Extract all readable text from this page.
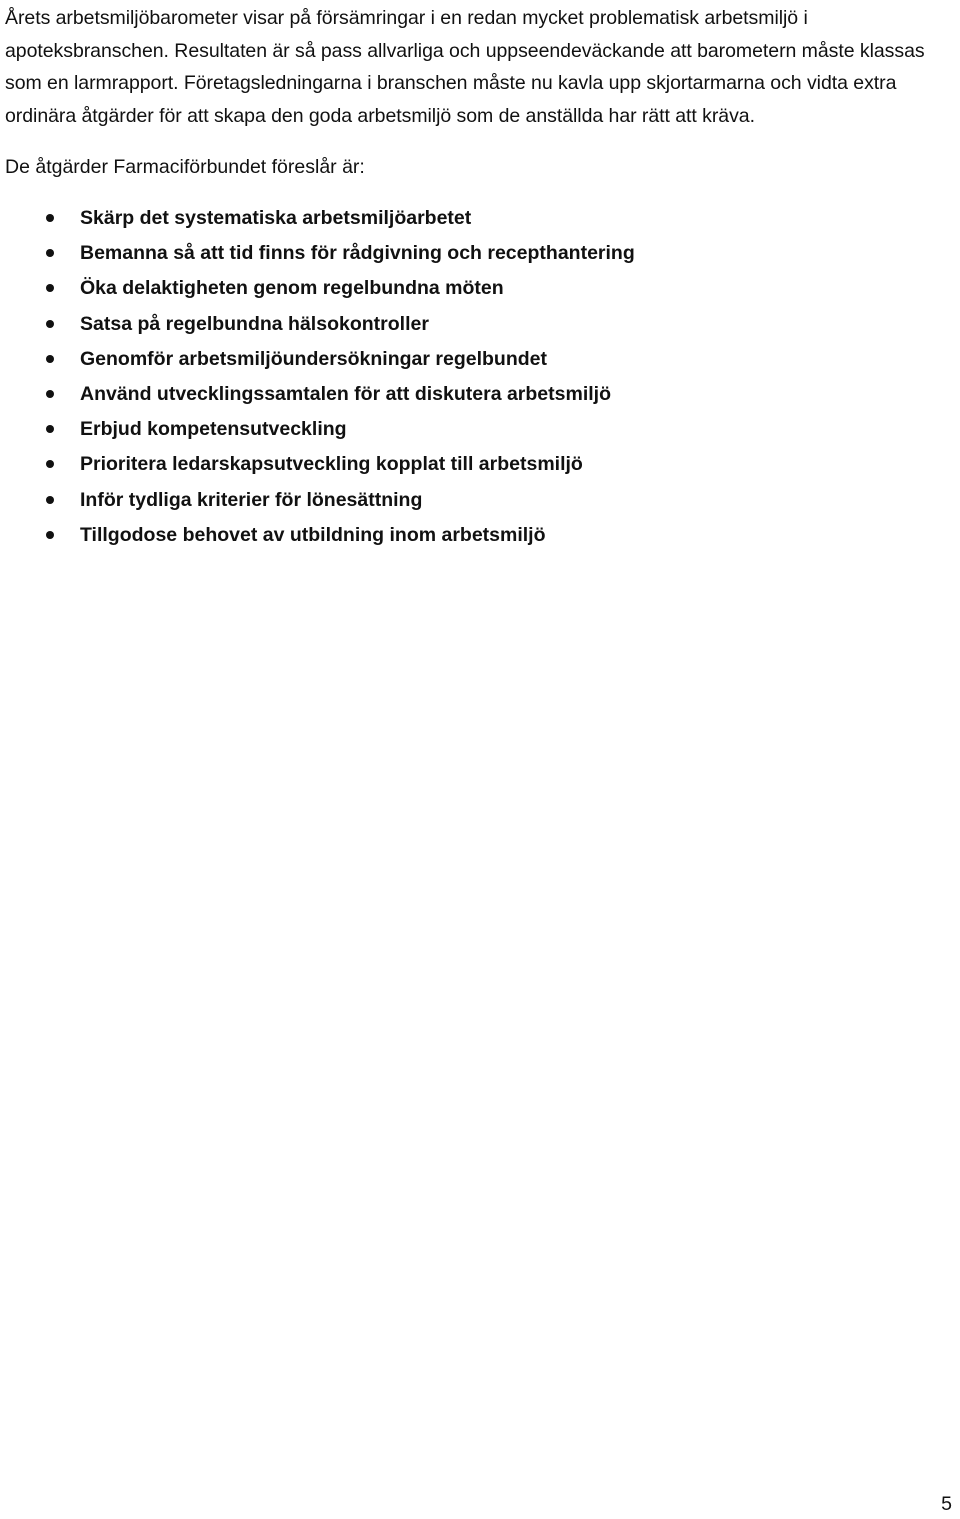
Årets arbetsmiljöbarometer visar på försämringar i en redan mycket problematisk arbetsmiljö i apoteksbranschen. Resultaten är så pass allvarliga och uppseendeväckande att barometern måste klassas som en larmrapport. Företagsledningarna i branschen måste nu kavla upp skjortarmarna och vidta extra ordinära åtgärder för att skapa den goda arbetsmiljö som de anställda har rätt att kräva.

De åtgärder Farmaciförbundet föreslår är:

Skärp det systematiska arbetsmiljöarbetet
Bemanna så att tid finns för rådgivning och recepthantering
Öka delaktigheten genom regelbundna möten
Satsa på regelbundna hälsokontroller
Genomför arbetsmiljöundersökningar regelbundet
Använd utvecklingssamtalen för att diskutera arbetsmiljö
Erbjud kompetensutveckling
Prioritera ledarskapsutveckling kopplat till arbetsmiljö
Inför tydliga kriterier för lönesättning
Tillgodose behovet av utbildning inom arbetsmiljö
5
